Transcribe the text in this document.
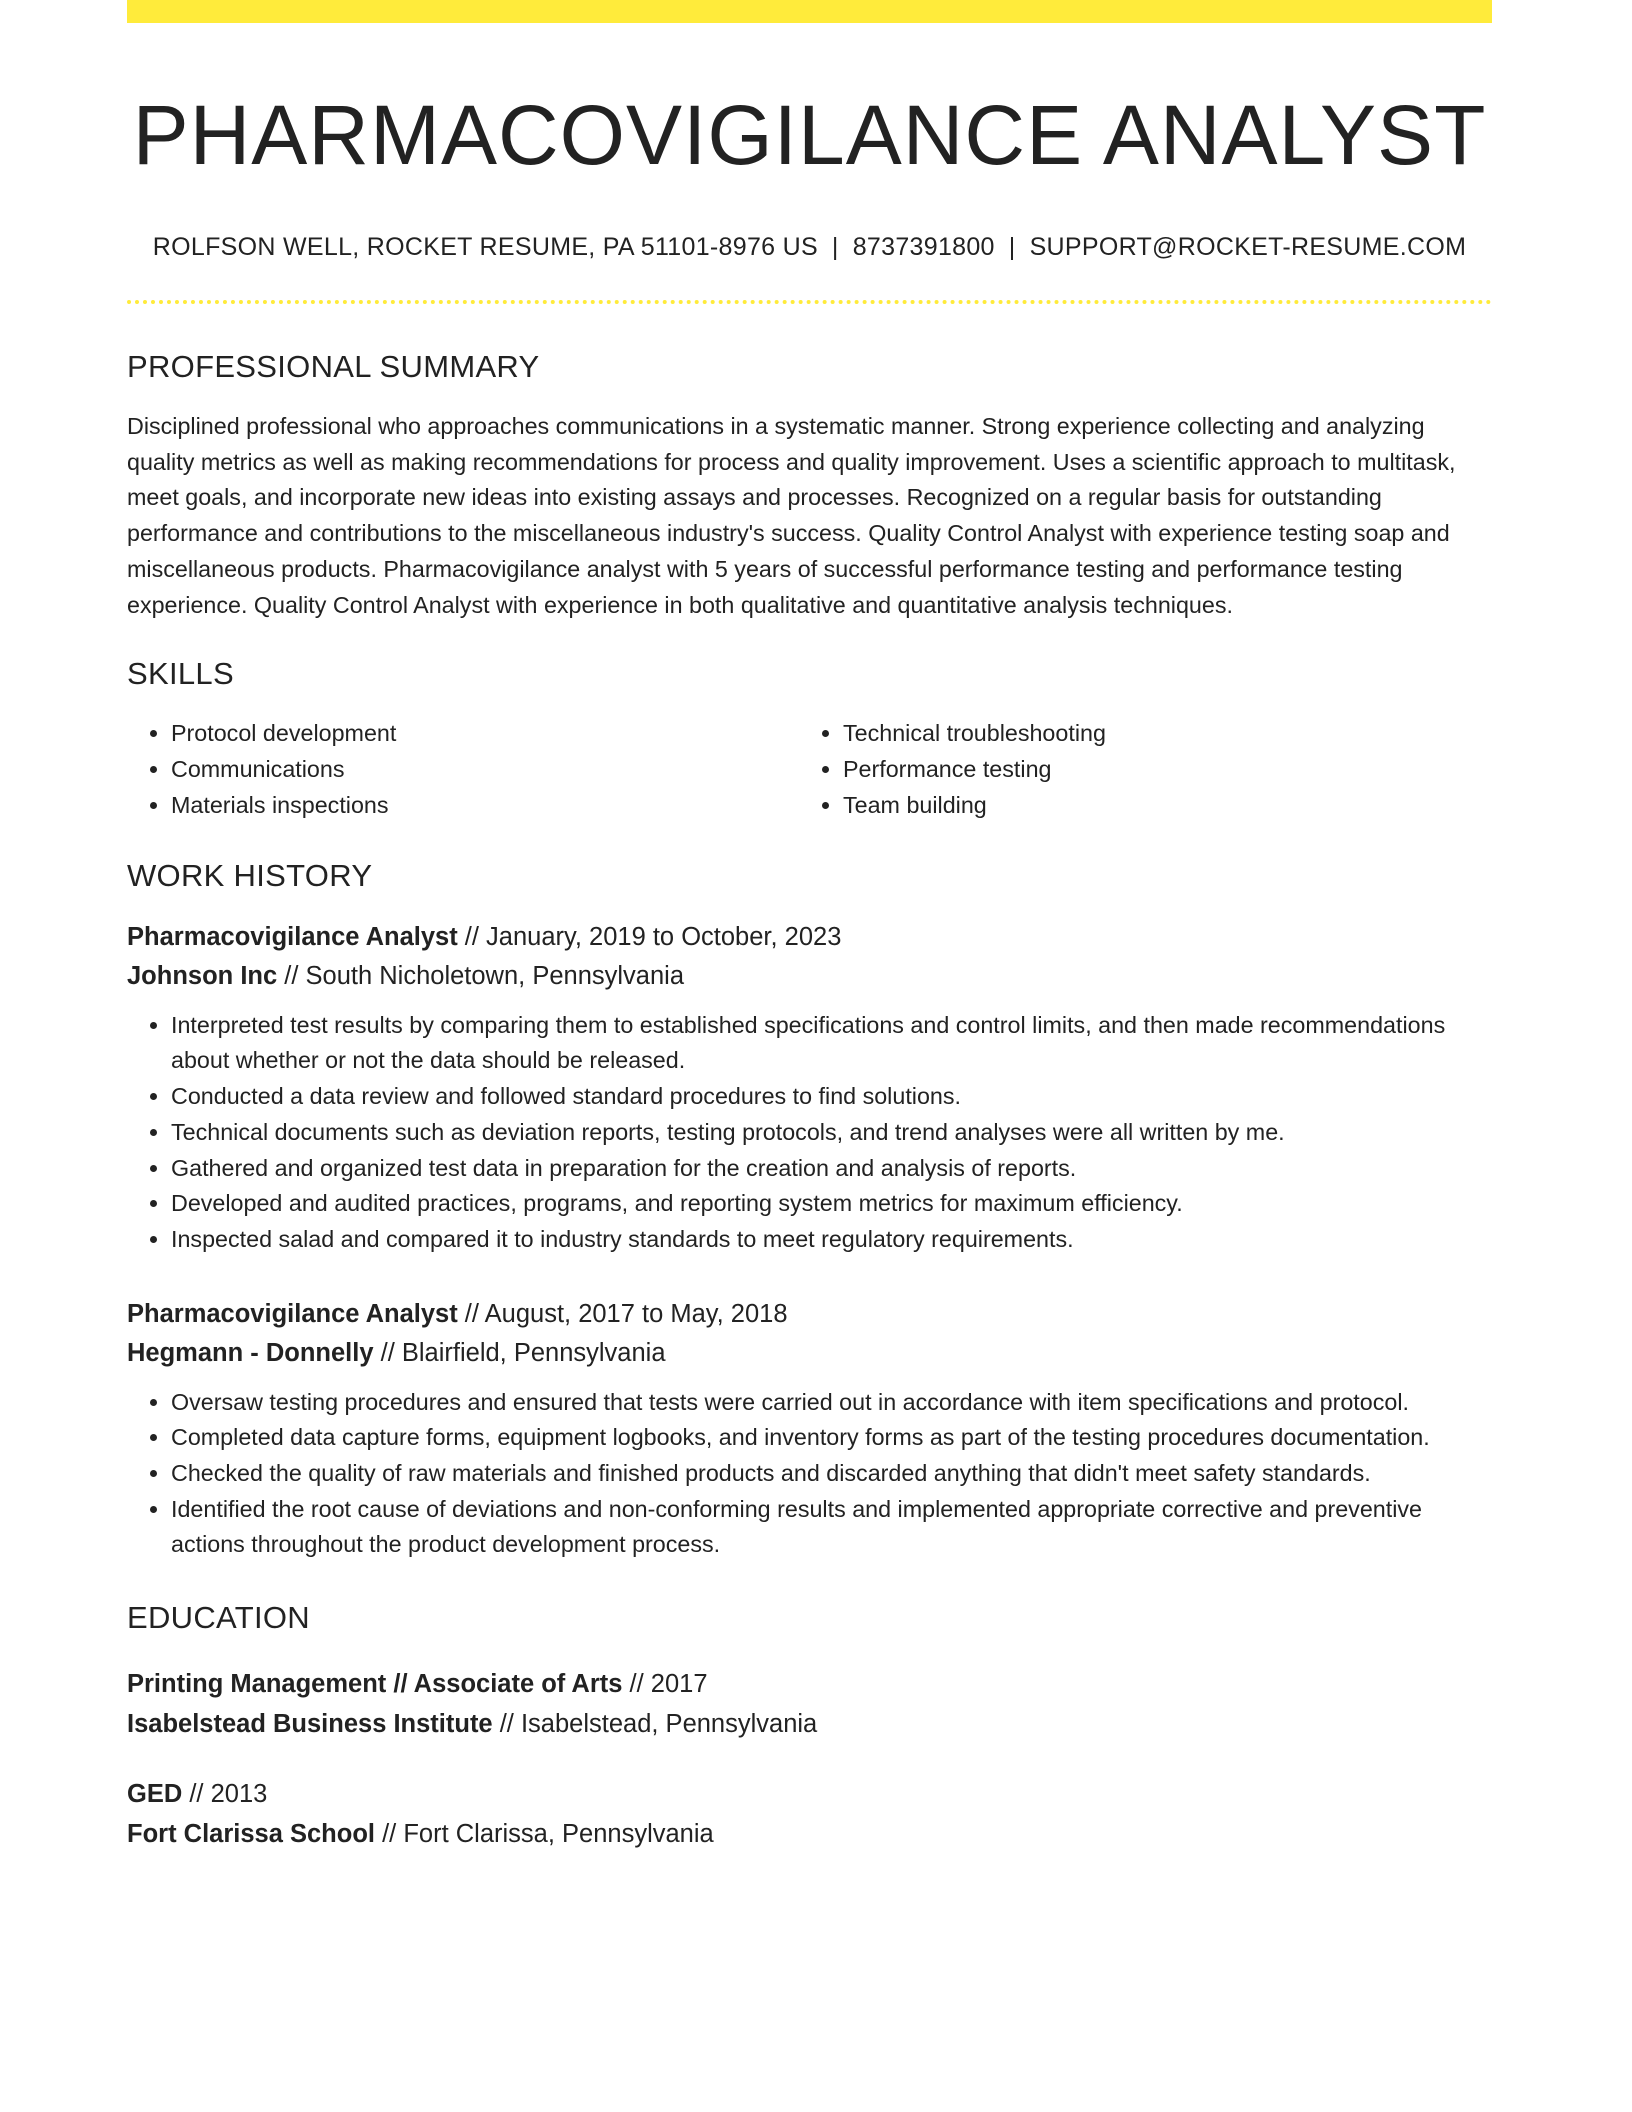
PHARMACOVIGILANCE ANALYST
ROLFSON WELL, ROCKET RESUME, PA 51101-8976 US | 8737391800 | SUPPORT@ROCKET-RESUME.COM
PROFESSIONAL SUMMARY
Disciplined professional who approaches communications in a systematic manner. Strong experience collecting and analyzing quality metrics as well as making recommendations for process and quality improvement. Uses a scientific approach to multitask, meet goals, and incorporate new ideas into existing assays and processes. Recognized on a regular basis for outstanding performance and contributions to the miscellaneous industry's success. Quality Control Analyst with experience testing soap and miscellaneous products. Pharmacovigilance analyst with 5 years of successful performance testing and performance testing experience. Quality Control Analyst with experience in both qualitative and quantitative analysis techniques.
SKILLS
• Protocol development
• Communications
• Materials inspections
• Technical troubleshooting
• Performance testing
• Team building
WORK HISTORY
Pharmacovigilance Analyst // January, 2019 to October, 2023
Johnson Inc // South Nicholetown, Pennsylvania
• Interpreted test results by comparing them to established specifications and control limits, and then made recommendations about whether or not the data should be released.
• Conducted a data review and followed standard procedures to find solutions.
• Technical documents such as deviation reports, testing protocols, and trend analyses were all written by me.
• Gathered and organized test data in preparation for the creation and analysis of reports.
• Developed and audited practices, programs, and reporting system metrics for maximum efficiency.
• Inspected salad and compared it to industry standards to meet regulatory requirements.
Pharmacovigilance Analyst // August, 2017 to May, 2018
Hegmann - Donnelly // Blairfield, Pennsylvania
• Oversaw testing procedures and ensured that tests were carried out in accordance with item specifications and protocol.
• Completed data capture forms, equipment logbooks, and inventory forms as part of the testing procedures documentation.
• Checked the quality of raw materials and finished products and discarded anything that didn't meet safety standards.
• Identified the root cause of deviations and non-conforming results and implemented appropriate corrective and preventive actions throughout the product development process.
EDUCATION
Printing Management // Associate of Arts // 2017
Isabelstead Business Institute // Isabelstead, Pennsylvania
GED // 2013
Fort Clarissa School // Fort Clarissa, Pennsylvania
